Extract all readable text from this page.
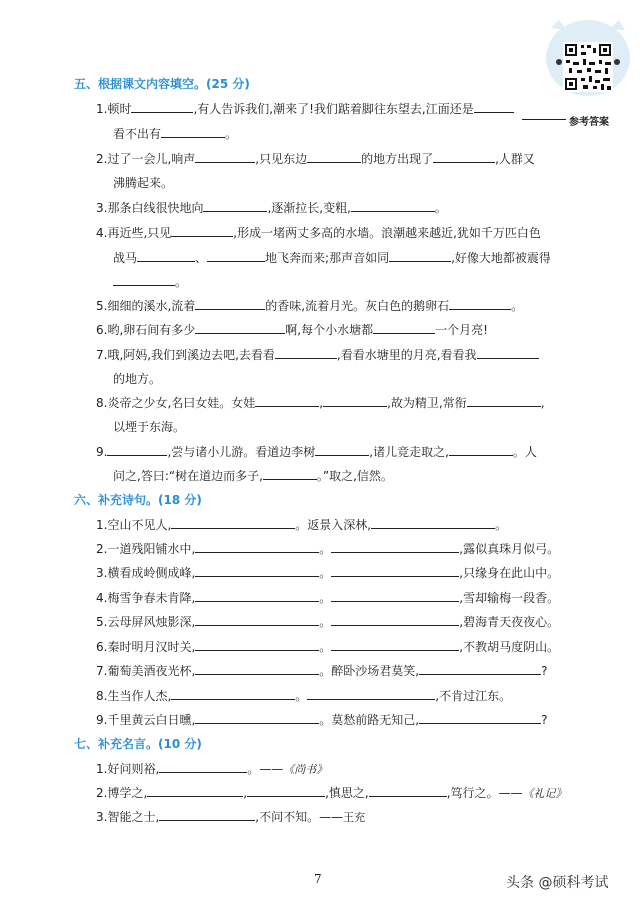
参考答案
五、根据课文内容填空。(25 分)
1.顿时	,有人告诉我们,潮来了!我们踮着脚往东望去,江面还是
看不出有	。
2.过了一会儿,响声	,只见东边	的地方出现了	,人群又
沸腾起来。
3.那条白线很快地向	,逐渐拉长,变粗,	。
4.再近些,只见	,形成一堵两丈多高的水墙。浪潮越来越近,犹如千万匹白色
战马	、	地飞奔而来;那声音如同	,好像大地都被震得
。
5.细细的溪水,流着	的香味,流着月光。灰白色的鹅卵石	。
6.哟,卵石间有多少	啊,每个小水塘都	一个月亮!
7.哦,阿妈,我们到溪边去吧,去看看	,看看水塘里的月亮,看看我
的地方。
8.炎帝之少女,名曰女娃。女娃	,	,故为精卫,常衔	,
以堙于东海。
9.	,尝与诸小儿游。看道边李树	,诸儿竞走取之,	。人
问之,答曰:“树在道边而多子,	。”取之,信然。
六、补充诗句。(18 分)
1.空山不见人,	。返景入深林,	。
2.一道残阳铺水中,	。	,露似真珠月似弓。
3.横看成岭侧成峰,	。	,只缘身在此山中。
4.梅雪争春未肯降,	。	,雪却输梅一段香。
5.云母屏风烛影深,	。	,碧海青天夜夜心。
6.秦时明月汉时关,	。	,不教胡马度阴山。
7.葡萄美酒夜光杯,	。醉卧沙场君莫笑,	?
8.生当作人杰,	。	,不肯过江东。
9.千里黄云白日曛,	。莫愁前路无知己,	?
七、补充名言。(10 分)
1.好问则裕,	。——《尚书》
2.博学之,	,	,慎思之,	,笃行之。——《礼记》
3.智能之士,	,不问不知。——王充
7	头条 @硕科考试
